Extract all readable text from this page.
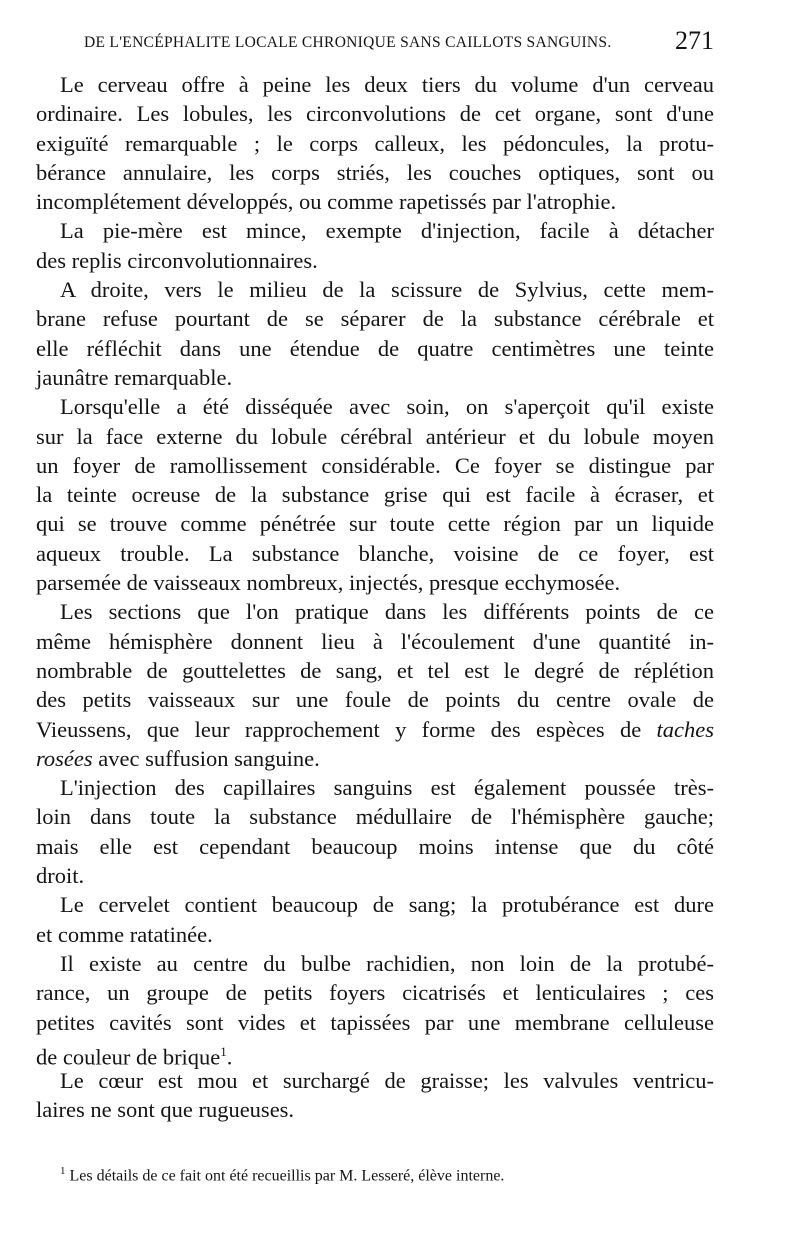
DE L'ENCÉPHALITE LOCALE CHRONIQUE SANS CAILLOTS SANGUINS. 271
Le cerveau offre à peine les deux tiers du volume d'un cerveau
ordinaire. Les lobules, les circonvolutions de cet organe, sont d'une
exiguïté remarquable ; le corps calleux, les pédoncules, la protu-
bérance annulaire, les corps striés, les couches optiques, sont ou
incomplétement développés, ou comme rapetissés par l'atrophie.
La pie-mère est mince, exempte d'injection, facile à détacher
des replis circonvolutionnaires.
A droite, vers le milieu de la scissure de Sylvius, cette mem-
brane refuse pourtant de se séparer de la substance cérébrale et
elle réfléchit dans une étendue de quatre centimètres une teinte
jaunâtre remarquable.
Lorsqu'elle a été disséquée avec soin, on s'aperçoit qu'il existe
sur la face externe du lobule cérébral antérieur et du lobule moyen
un foyer de ramollissement considérable. Ce foyer se distingue par
la teinte ocreuse de la substance grise qui est facile à écraser, et
qui se trouve comme pénétrée sur toute cette région par un liquide
aqueux trouble. La substance blanche, voisine de ce foyer, est
parsemée de vaisseaux nombreux, injectés, presque ecchymosée.
Les sections que l'on pratique dans les différents points de ce
même hémisphère donnent lieu à l'écoulement d'une quantité in-
nombrable de gouttelettes de sang, et tel est le degré de réplétion
des petits vaisseaux sur une foule de points du centre ovale de
Vieussens, que leur rapprochement y forme des espèces de taches
rosées avec suffusion sanguine.
L'injection des capillaires sanguins est également poussée très-
loin dans toute la substance médullaire de l'hémisphère gauche;
mais elle est cependant beaucoup moins intense que du côté
droit.
Le cervelet contient beaucoup de sang; la protubérance est dure
et comme ratatinée.
Il existe au centre du bulbe rachidien, non loin de la protubé-
rance, un groupe de petits foyers cicatrisés et lenticulaires ; ces
petites cavités sont vides et tapissées par une membrane celluleuse
de couleur de brique$^1$.
Le cœur est mou et surchargé de graisse; les valvules ventricu-
laires ne sont que rugueuses.
$^1$ Les détails de ce fait ont été recueillis par M. Lesseré, élève interne.
